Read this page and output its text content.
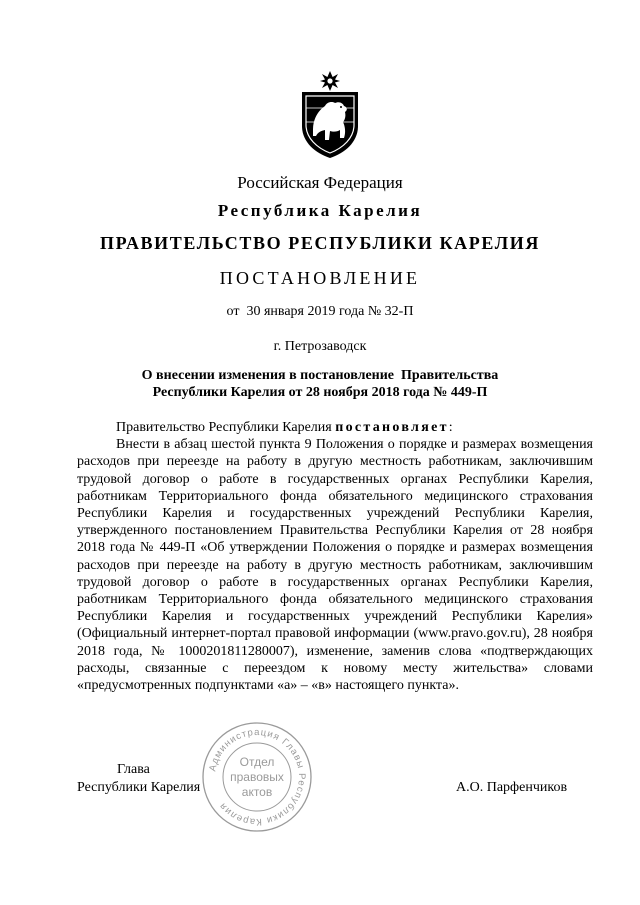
Российская Федерация
Республика Карелия
ПРАВИТЕЛЬСТВО РЕСПУБЛИКИ КАРЕЛИЯ
ПОСТАНОВЛЕНИЕ
от  30 января 2019 года № 32-П
г. Петрозаводск
О внесении изменения в постановление  Правительства
Республики Карелия от 28 ноября 2018 года № 449-П

Правительство Республики Карелия постановляет:

Внести в абзац шестой пункта 9 Положения о порядке и размерах возмещения расходов при переезде на работу в другую местность работникам, заключившим трудовой договор о работе в государственных органах Республики Карелия, работникам Территориального фонда обязательного медицинского страхования Республики Карелия и государственных учреждений Республики Карелия, утвержденного постановлением Правительства Республики Карелия от 28 ноября 2018 года № 449-П «Об утверждении Положения о порядке и размерах возмещения расходов при переезде на работу в другую местность работникам, заключившим трудовой договор о работе в государственных органах Республики Карелия, работникам Территориального фонда обязательного медицинского страхования Республики Карелия и государственных учреждений Республики Карелия» (Официальный интернет-портал правовой информации (www.pravo.gov.ru), 28 ноября 2018 года, № 1000201811280007), изменение, заменив слова «подтверждающих расходы, связанные с переездом к новому месту жительства» словами «предусмотренных подпунктами «а» – «в» настоящего пункта».

Администрация Главы Республики Карелия
Отдел
правовых
актов
Глава
Республики Карелия	А.О. Парфенчиков
